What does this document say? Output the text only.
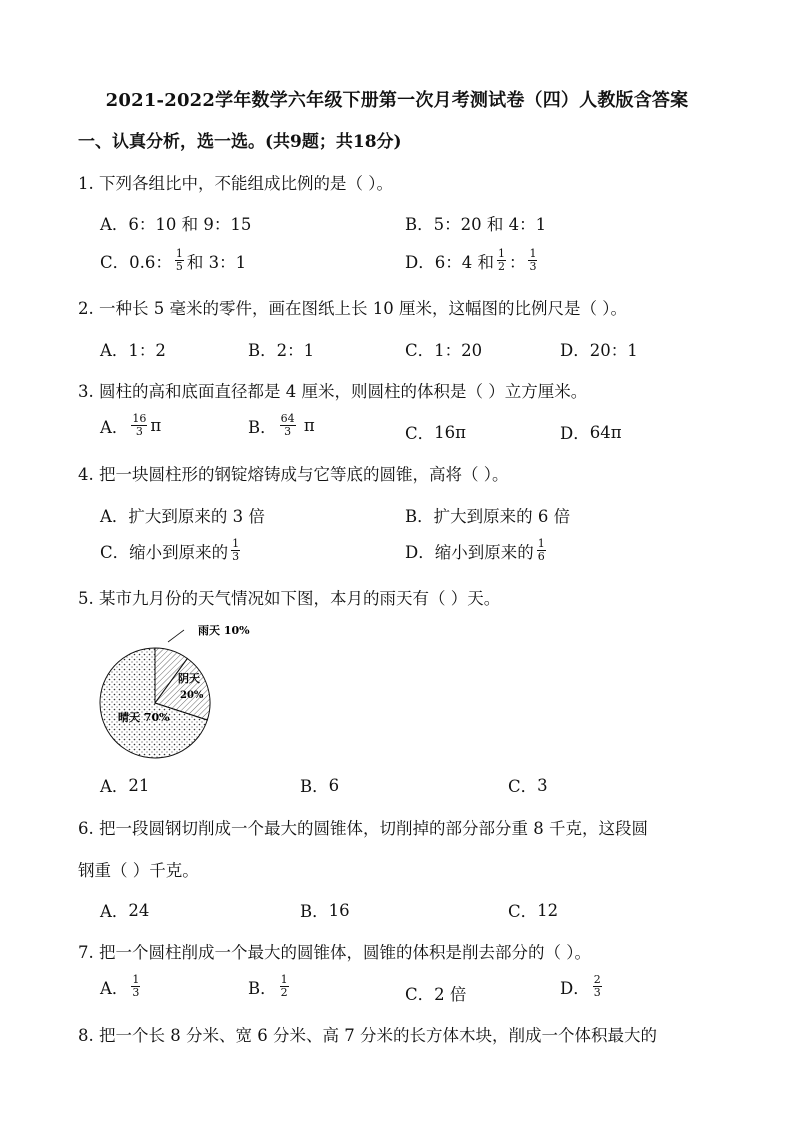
2021-2022学年数学六年级下册第一次月考测试卷（四）人教版含答案
一、认真分析，选一选。(共9题；共18分)
1. 下列各组比中，不能组成比例的是（ ）。
A． 6：10 和 9：15	B． 5：20 和 4：1
C． 0.6： $\frac{1}{5}$ 和 3：1	D． 6：4 和 $\frac{1}{2}$ ： $\frac{1}{3}$
2. 一种长 5 毫米的零件，画在图纸上长 10 厘米，这幅图的比例尺是（ ）。
A． 1：2	B． 2：1	C． 1：20	D． 20：1
3. 圆柱的高和底面直径都是 4 厘米，则圆柱的体积是（ ）立方厘米。
A． $\frac{16}{3}$ π	B． $\frac{64}{3}$ π	C． 16π	D． 64π
4. 把一块圆柱形的钢锭熔铸成与它等底的圆锥，高将（ ）。
A． 扩大到原来的 3 倍	B． 扩大到原来的 6 倍
C． 缩小到原来的 $\frac{1}{3}$	D． 缩小到原来的 $\frac{1}{6}$
5. 某市九月份的天气情况如下图，本月的雨天有（ ）天。
雨天 10%
阴天
20%
晴天 70%
A． 21	B． 6	C． 3
6. 把一段圆钢切削成一个最大的圆锥体，切削掉的部分部分重 8 千克，这段圆
钢重（ ）千克。
A． 24	B． 16	C． 12
7. 把一个圆柱削成一个最大的圆锥体，圆锥的体积是削去部分的（ ）。
A． $\frac{1}{3}$	B． $\frac{1}{2}$	C． 2 倍	D． $\frac{2}{3}$
8. 把一个长 8 分米、宽 6 分米、高 7 分米的长方体木块，削成一个体积最大的
